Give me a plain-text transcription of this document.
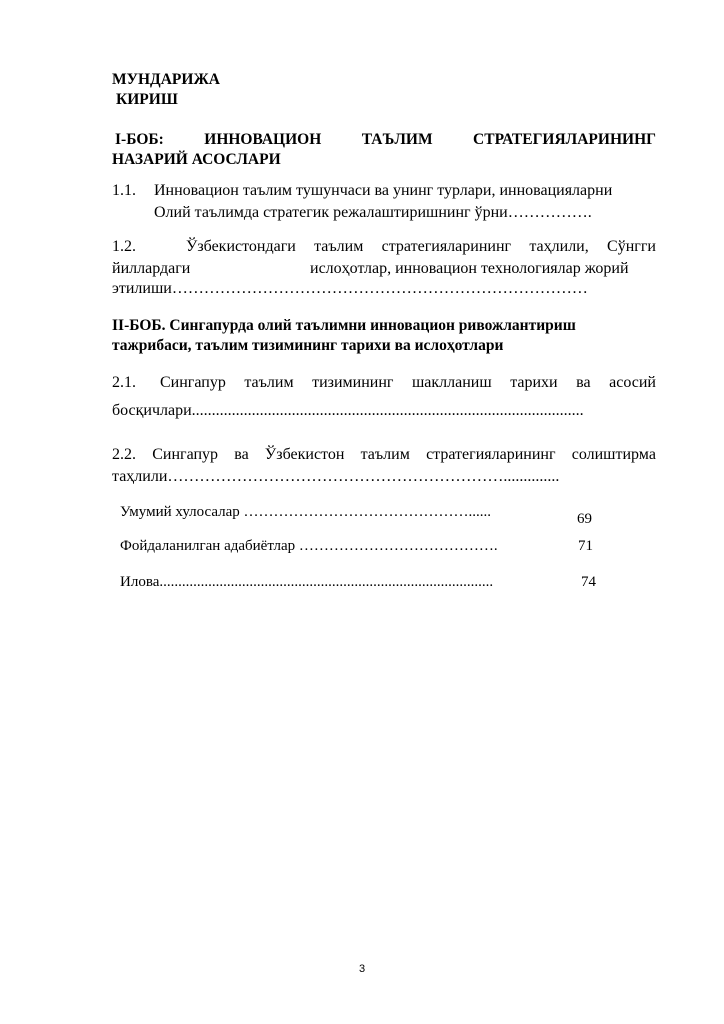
МУНДАРИЖА
КИРИШ
I-БОБ:	ИННОВАЦИОН	ТАЪЛИМ	СТРАТЕГИЯЛАРИНИНГ
НАЗАРИЙ АСОСЛАРИ
1.1. Инновацион таълим тушунчаси ва унинг турлари, инновацияларни
Олий таълимда стратегик режалаштиришнинг ўрни…………….
1.2.	Ўзбекистондаги таълим стратегияларининг таҳлили, Сўнгги
йиллардаги	ислоҳотлар, инновацион технологиялар жорий
этилиши……………………………………………………………………
II-БОБ. Сингапурда олий таълимни инновацион ривожлантириш
тажрибаси, таълим тизимининг тарихи ва ислоҳотлари
2.1. Сингапур таълим тизимининг шаклланиш тарихи ва асосий
босқичлари..................................................................................................
2.2. Сингапур ва Ўзбекистон таълим стратегияларининг солиштирма
таҳлили………………………………………………………..............
Умумий хулосалар ………………………………………......	69
Фойдаланилган адабиётлар ………………………………….	71
Илова.........................................................................................	74
3
